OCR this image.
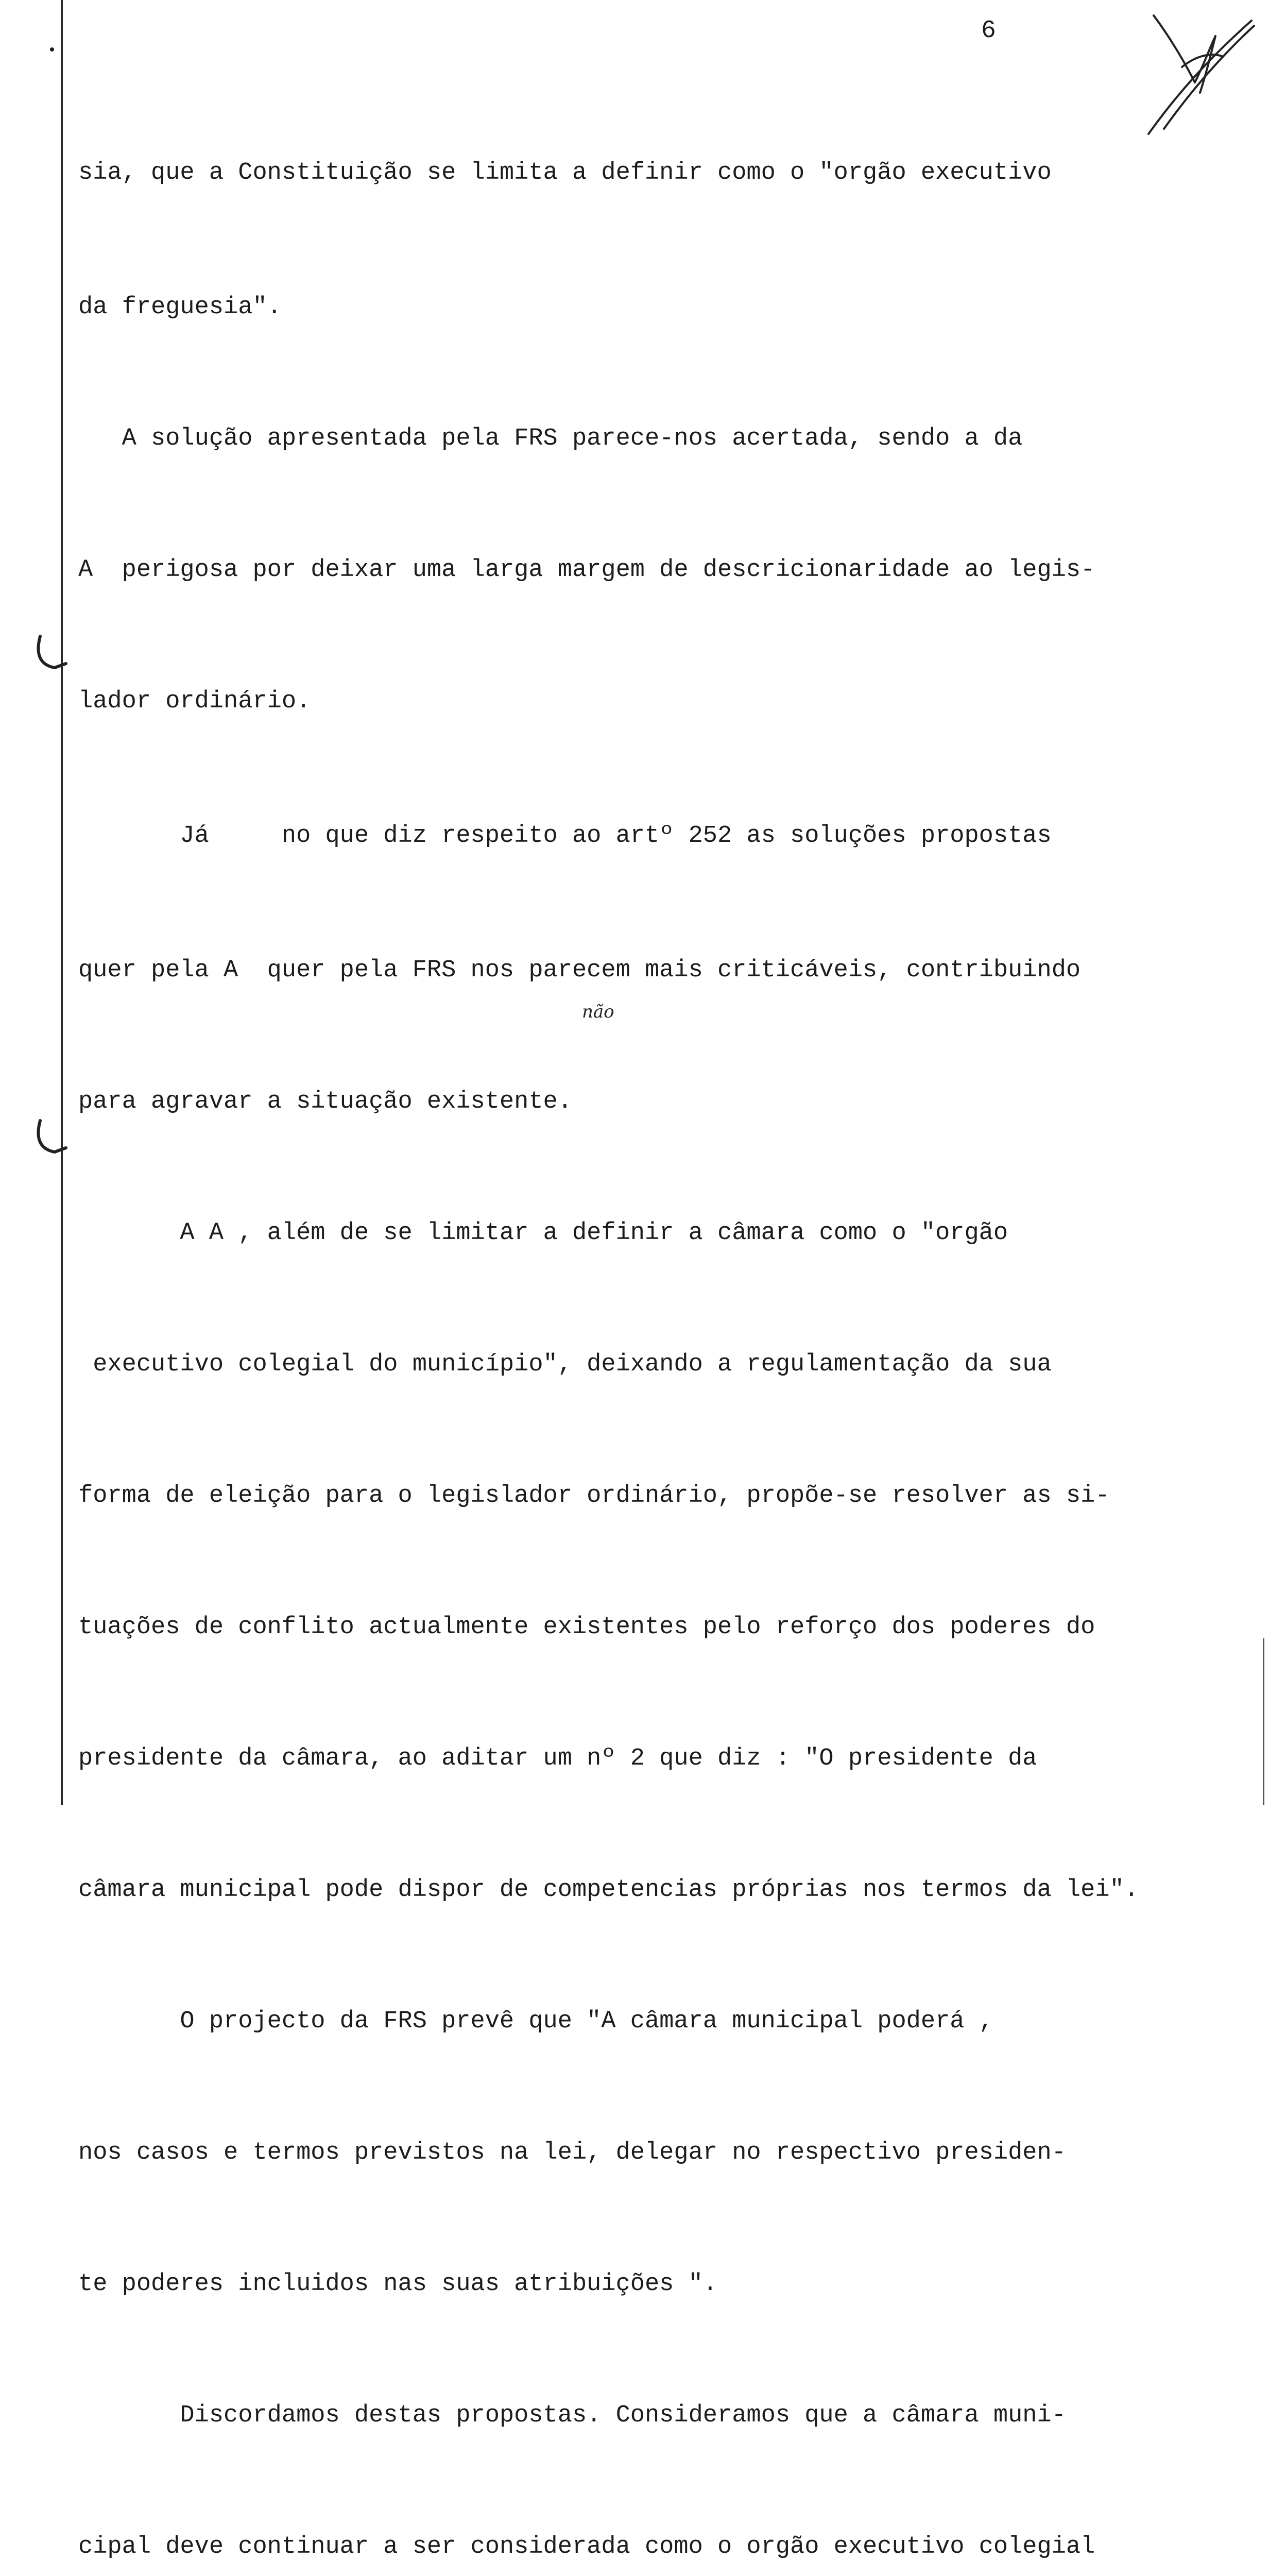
6
•

sia, que a Constituição se limita a definir como o "orgão executivo

da freguesia".

A solução apresentada pela FRS parece-nos acertada, sendo a da

A  perigosa por deixar uma larga margem de descricionaridade ao legis-

lador ordinário.

Já     no que diz respeito ao artº 252 as soluções propostas

quer pela A  quer pela FRS nos parecem mais criticáveis, contribuindo

para agravar a situação existente.

A A , além de se limitar a definir a câmara como o "orgão

executivo colegial do município", deixando a regulamentação da sua

forma de eleição para o legislador ordinário, propõe-se resolver as si-

tuações de conflito actualmente existentes pelo reforço dos poderes do

presidente da câmara, ao aditar um nº 2 que diz : "O presidente da

câmara municipal pode dispor de competencias próprias nos termos da lei".

O projecto da FRS prevê que "A câmara municipal poderá ,

nos casos e termos previstos na lei, delegar no respectivo presiden-

te poderes incluidos nas suas atribuições ".

Discordamos destas propostas. Consideramos que a câmara muni-

cipal deve continuar a ser considerada como o orgão executivo colegial

não
